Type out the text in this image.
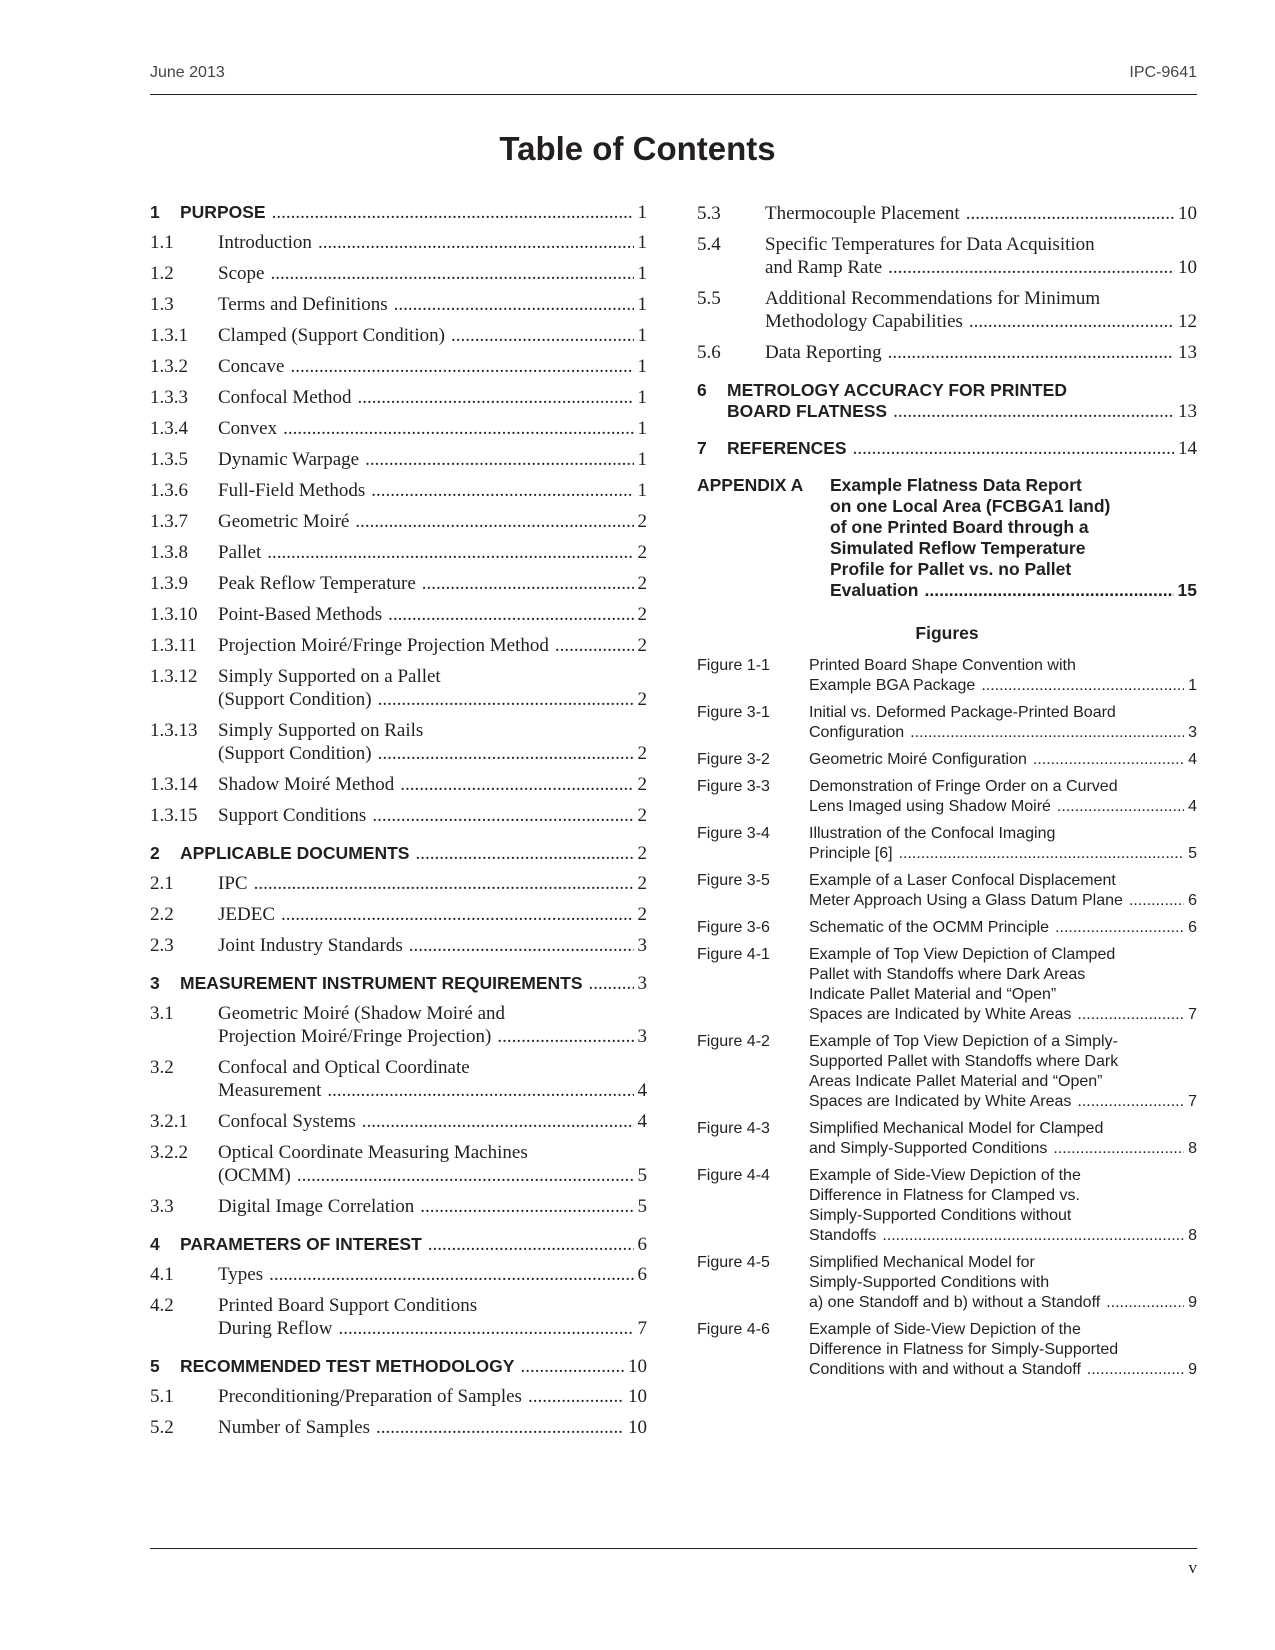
June 2013	IPC-9641
Table of Contents
1 PURPOSE .....	1
1.1 Introduction .....	1
1.2 Scope .....	1
1.3 Terms and Definitions .....	1
1.3.1 Clamped (Support Condition) .....	1
1.3.2 Concave .....	1
1.3.3 Confocal Method .....	1
1.3.4 Convex .....	1
1.3.5 Dynamic Warpage .....	1
1.3.6 Full-Field Methods .....	1
1.3.7 Geometric Moiré .....	2
1.3.8 Pallet .....	2
1.3.9 Peak Reflow Temperature .....	2
1.3.10 Point-Based Methods .....	2
1.3.11 Projection Moiré/Fringe Projection Method .....	2
1.3.12 Simply Supported on a Pallet
(Support Condition) .....	2
1.3.13 Simply Supported on Rails
(Support Condition) .....	2
1.3.14 Shadow Moiré Method .....	2
1.3.15 Support Conditions .....	2
2 APPLICABLE DOCUMENTS .....	2
2.1 IPC .....	2
2.2 JEDEC .....	2
2.3 Joint Industry Standards .....	3
3 MEASUREMENT INSTRUMENT REQUIREMENTS .....	3
3.1 Geometric Moiré (Shadow Moiré and
Projection Moiré/Fringe Projection) .....	3
3.2 Confocal and Optical Coordinate
Measurement .....	4
3.2.1 Confocal Systems .....	4
3.2.2 Optical Coordinate Measuring Machines
(OCMM) .....	5
3.3 Digital Image Correlation .....	5
4 PARAMETERS OF INTEREST .....	6
4.1 Types .....	6
4.2 Printed Board Support Conditions
During Reflow .....	7
5 RECOMMENDED TEST METHODOLOGY .....	10
5.1 Preconditioning/Preparation of Samples .....	10
5.2 Number of Samples .....	10
5.3 Thermocouple Placement .....	10
5.4 Specific Temperatures for Data Acquisition
and Ramp Rate .....	10
5.5 Additional Recommendations for Minimum
Methodology Capabilities .....	12
5.6 Data Reporting .....	13
6 METROLOGY ACCURACY FOR PRINTED
BOARD FLATNESS .....	13
7 REFERENCES .....	14
APPENDIX A Example Flatness Data Report
on one Local Area (FCBGA1 land)
of one Printed Board through a
Simulated Reflow Temperature
Profile for Pallet vs. no Pallet
Evaluation .....	15
Figures
Figure 1-1 Printed Board Shape Convention with
Example BGA Package .....	1
Figure 3-1 Initial vs. Deformed Package-Printed Board
Configuration .....	3
Figure 3-2 Geometric Moiré Configuration .....	4
Figure 3-3 Demonstration of Fringe Order on a Curved
Lens Imaged using Shadow Moiré .....	4
Figure 3-4 Illustration of the Confocal Imaging
Principle [6] .....	5
Figure 3-5 Example of a Laser Confocal Displacement
Meter Approach Using a Glass Datum Plane .....	6
Figure 3-6 Schematic of the OCMM Principle .....	6
Figure 4-1 Example of Top View Depiction of Clamped
Pallet with Standoffs where Dark Areas
Indicate Pallet Material and “Open”
Spaces are Indicated by White Areas .....	7
Figure 4-2 Example of Top View Depiction of a Simply-
Supported Pallet with Standoffs where Dark
Areas Indicate Pallet Material and “Open”
Spaces are Indicated by White Areas .....	7
Figure 4-3 Simplified Mechanical Model for Clamped
and Simply-Supported Conditions .....	8
Figure 4-4 Example of Side-View Depiction of the
Difference in Flatness for Clamped vs.
Simply-Supported Conditions without
Standoffs .....	8
Figure 4-5 Simplified Mechanical Model for
Simply-Supported Conditions with
a) one Standoff and b) without a Standoff .....	9
Figure 4-6 Example of Side-View Depiction of the
Difference in Flatness for Simply-Supported
Conditions with and without a Standoff .....	9
v
